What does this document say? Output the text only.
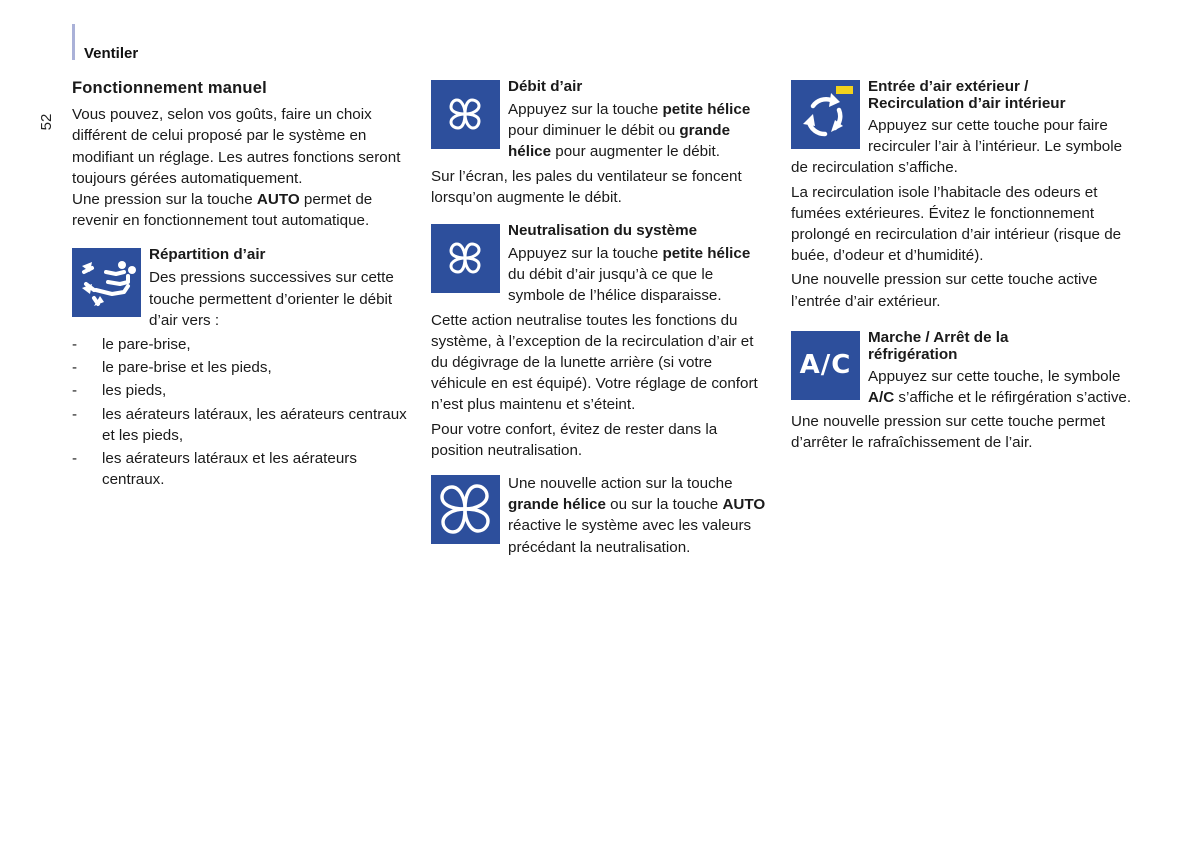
Ventiler
52
Fonctionnement manuel

Vous pouvez, selon vos goûts, faire un choix différent de celui proposé par le système en modifiant un réglage. Les autres fonctions seront toujours gérées automatiquement.

Une pression sur la touche AUTO permet de revenir en fonctionnement tout automatique.

Répartition d’air

Des pressions successives sur cette touche permettent d’orienter le débit d’air vers :

- le pare-brise,
- le pare-brise et les pieds,
- les pieds,
- les aérateurs latéraux, les aérateurs centraux et les pieds,
- les aérateurs latéraux et les aérateurs centraux.
Débit d’air

Appuyez sur la touche petite hélice pour diminuer le débit ou grande hélice pour augmenter le débit.

Sur l’écran, les pales du ventilateur se foncent lorsqu’on augmente le débit.

Neutralisation du système

Appuyez sur la touche petite hélice du débit d’air jusqu’à ce que le symbole de l’hélice disparaisse.

Cette action neutralise toutes les fonctions du système, à l’exception de la recirculation d’air et du dégivrage de la lunette arrière (si votre véhicule en est équipé). Votre réglage de confort n’est plus maintenu et s’éteint.

Pour votre confort, évitez de rester dans la position neutralisation.

Une nouvelle action sur la touche grande hélice ou sur la touche AUTO réactive le système avec les valeurs précédant la neutralisation.

Entrée d’air extérieur /
Recirculation d’air intérieur

Appuyez sur cette touche pour faire recirculer l’air à l’intérieur. Le symbole de recirculation s’affiche.

La recirculation isole l’habitacle des odeurs et fumées extérieures. Évitez le fonctionnement prolongé en recirculation d’air intérieur (risque de buée, d’odeur et d’humidité).

Une nouvelle pression sur cette touche active l’entrée d’air extérieur.

A/C
Marche / Arrêt de la
réfrigération

Appuyez sur cette touche, le symbole A/C s’affiche et le réfirgération s’active.

Une nouvelle pression sur cette touche permet d’arrêter le rafraîchissement de l’air.
